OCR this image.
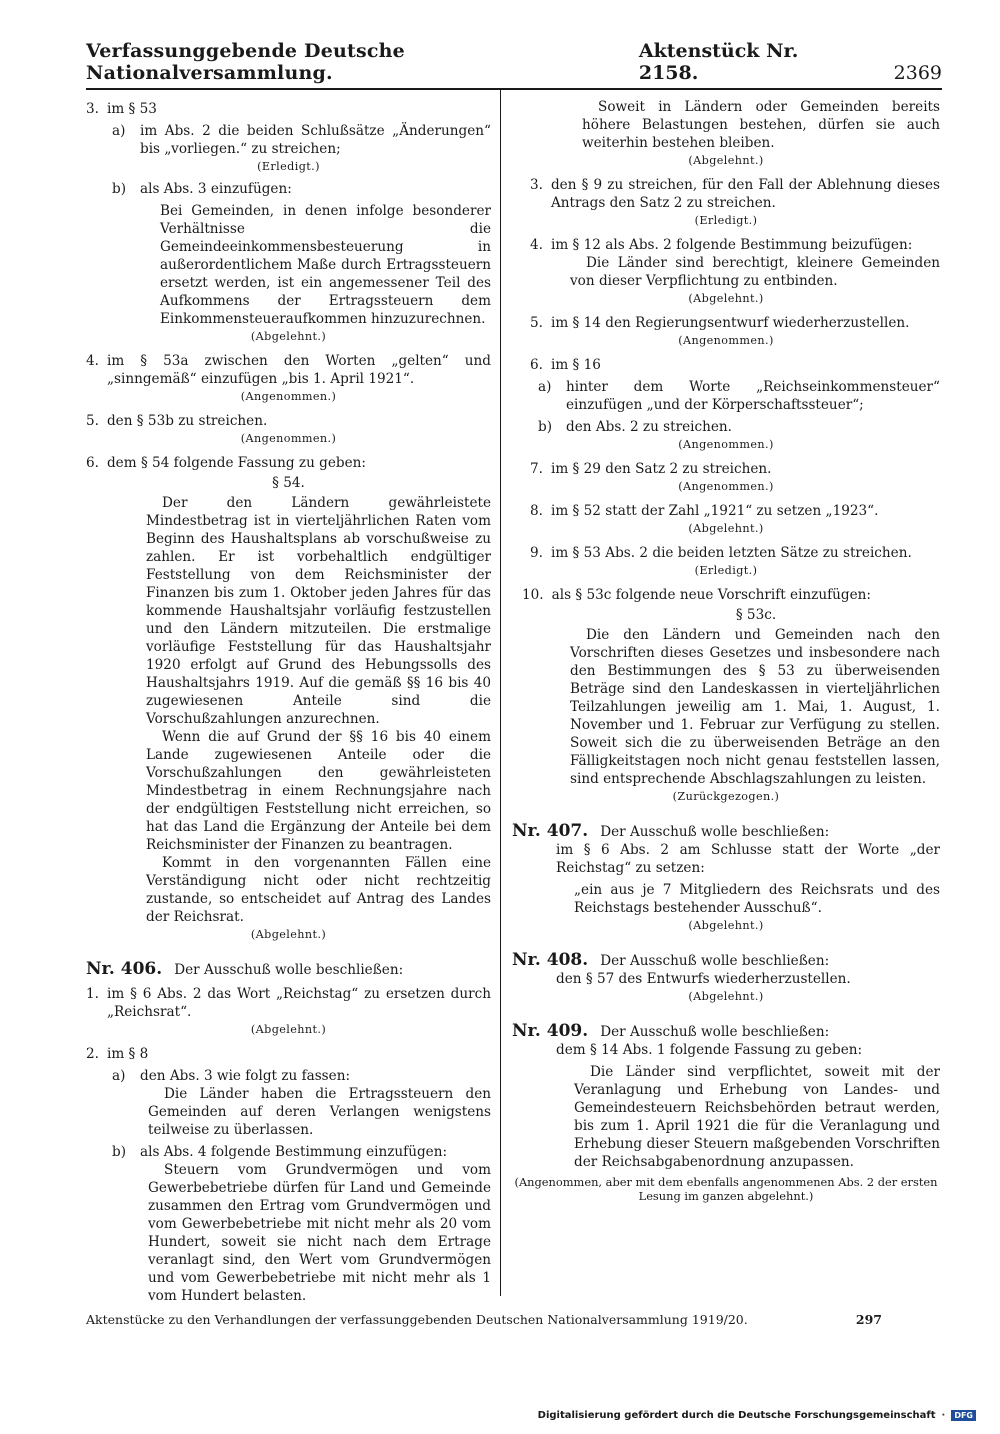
Verfassunggebende Deutsche Nationalversammlung.
Aktenstück Nr. 2158.	2369
3. im § 53
a)	im Abs. 2 die beiden Schlußsätze „Änderungen“ bis „vorliegen.“ zu streichen;
(Erledigt.)
b)	als Abs. 3 einzufügen:
Bei Gemeinden, in denen infolge besonderer Verhältnisse die Gemeindeeinkommensbesteuerung in außerordentlichem Maße durch Ertragssteuern ersetzt werden, ist ein angemessener Teil des Aufkommens der Ertragssteuern dem Einkommensteueraufkommen hinzuzurechnen.
(Abgelehnt.)
4. im § 53a zwischen den Worten „gelten“ und „sinngemäß“ einzufügen „bis 1. April 1921“.
(Angenommen.)
5. den § 53b zu streichen.
(Angenommen.)
6. dem § 54 folgende Fassung zu geben:
§ 54.
Der den Ländern gewährleistete Mindestbetrag ist in vierteljährlichen Raten vom Beginn des Haushaltsplans ab vorschußweise zu zahlen. Er ist vorbehaltlich endgültiger Feststellung von dem Reichsminister der Finanzen bis zum 1. Oktober jeden Jahres für das kommende Haushaltsjahr vorläufig festzustellen und den Ländern mitzuteilen. Die erstmalige vorläufige Feststellung für das Haushaltsjahr 1920 erfolgt auf Grund des Hebungssolls des Haushaltsjahrs 1919. Auf die gemäß §§ 16 bis 40 zugewiesenen Anteile sind die Vorschußzahlungen anzurechnen.
Wenn die auf Grund der §§ 16 bis 40 einem Lande zugewiesenen Anteile oder die Vorschußzahlungen den gewährleisteten Mindestbetrag in einem Rechnungsjahre nach der endgültigen Feststellung nicht erreichen, so hat das Land die Ergänzung der Anteile bei dem Reichsminister der Finanzen zu beantragen.
Kommt in den vorgenannten Fällen eine Verständigung nicht oder nicht rechtzeitig zustande, so entscheidet auf Antrag des Landes der Reichsrat.
(Abgelehnt.)
Nr. 406. Der Ausschuß wolle beschließen:
1. im § 6 Abs. 2 das Wort „Reichstag“ zu ersetzen durch „Reichsrat“.
(Abgelehnt.)
2. im § 8
a)	den Abs. 3 wie folgt zu fassen:
Die Länder haben die Ertragssteuern den Gemeinden auf deren Verlangen wenigstens teilweise zu überlassen.
b)	als Abs. 4 folgende Bestimmung einzufügen:
Steuern vom Grundvermögen und vom Gewerbebetriebe dürfen für Land und Gemeinde zusammen den Ertrag vom Grundvermögen und vom Gewerbebetriebe mit nicht mehr als 20 vom Hundert, soweit sie nicht nach dem Ertrage veranlagt sind, den Wert vom Grundvermögen und vom Gewerbebetriebe mit nicht mehr als 1 vom Hundert belasten.
Soweit in Ländern oder Gemeinden bereits höhere Belastungen bestehen, dürfen sie auch weiterhin bestehen bleiben.
(Abgelehnt.)
3. den § 9 zu streichen, für den Fall der Ablehnung dieses Antrags den Satz 2 zu streichen.
(Erledigt.)
4. im § 12 als Abs. 2 folgende Bestimmung beizufügen:
Die Länder sind berechtigt, kleinere Gemeinden von dieser Verpflichtung zu entbinden.
(Abgelehnt.)
5. im § 14 den Regierungsentwurf wiederherzustellen.
(Angenommen.)
6. im § 16
a)	hinter dem Worte „Reichseinkommensteuer“ einzufügen „und der Körperschaftssteuer“;
b)	den Abs. 2 zu streichen.
(Angenommen.)
7. im § 29 den Satz 2 zu streichen.
(Angenommen.)
8. im § 52 statt der Zahl „1921“ zu setzen „1923“.
(Abgelehnt.)
9. im § 53 Abs. 2 die beiden letzten Sätze zu streichen.
(Erledigt.)
10. als § 53c folgende neue Vorschrift einzufügen:
§ 53c.
Die den Ländern und Gemeinden nach den Vorschriften dieses Gesetzes und insbesondere nach den Bestimmungen des § 53 zu überweisenden Beträge sind den Landeskassen in vierteljährlichen Teilzahlungen jeweilig am 1. Mai, 1. August, 1. November und 1. Februar zur Verfügung zu stellen. Soweit sich die zu überweisenden Beträge an den Fälligkeitstagen noch nicht genau feststellen lassen, sind entsprechende Abschlagszahlungen zu leisten.
(Zurückgezogen.)
Nr. 407. Der Ausschuß wolle beschließen:
im § 6 Abs. 2 am Schlusse statt der Worte „der Reichstag“ zu setzen:
„ein aus je 7 Mitgliedern des Reichsrats und des Reichstags bestehender Ausschuß“.
(Abgelehnt.)
Nr. 408. Der Ausschuß wolle beschließen:
den § 57 des Entwurfs wiederherzustellen.
(Abgelehnt.)
Nr. 409. Der Ausschuß wolle beschließen:
dem § 14 Abs. 1 folgende Fassung zu geben:
Die Länder sind verpflichtet, soweit mit der Veranlagung und Erhebung von Landes- und Gemeindesteuern Reichsbehörden betraut werden, bis zum 1. April 1921 die für die Veranlagung und Erhebung dieser Steuern maßgebenden Vorschriften der Reichsabgabenordnung anzupassen.
(Angenommen, aber mit dem ebenfalls angenommenen Abs. 2 der ersten Lesung im ganzen abgelehnt.)
Aktenstücke zu den Verhandlungen der verfassunggebenden Deutschen Nationalversammlung 1919/20.	297
Digitalisierung gefördert durch die Deutsche Forschungsgemeinschaft ·	DFG
